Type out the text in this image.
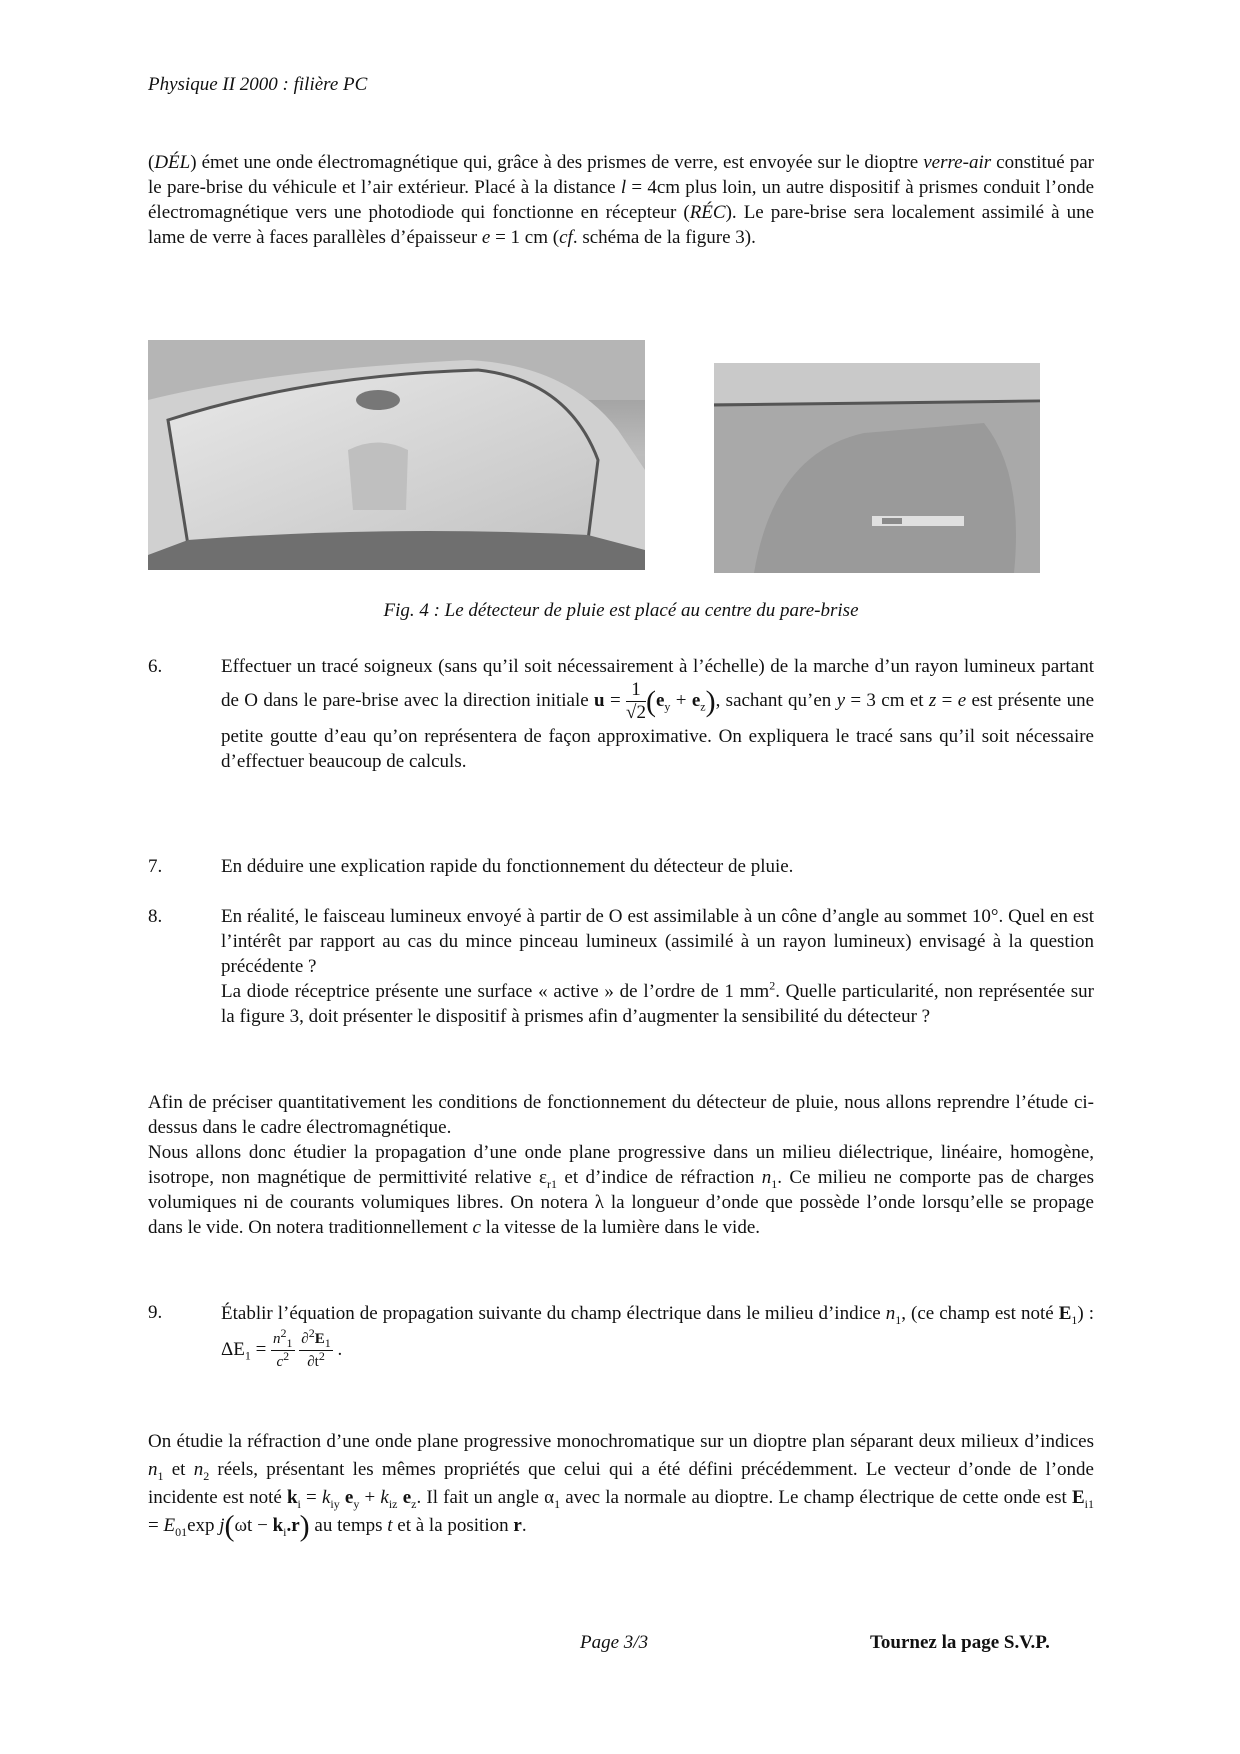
Physique II 2000 : filière PC
(DÉL) émet une onde électromagnétique qui, grâce à des prismes de verre, est envoyée sur le dioptre verre-air constitué par le pare-brise du véhicule et l’air extérieur. Placé à la distance l = 4cm plus loin, un autre dispositif à prismes conduit l’onde électromagnétique vers une photodiode qui fonctionne en récepteur (RÉC). Le pare-brise sera localement assimilé à une lame de verre à faces parallèles d’épaisseur e = 1 cm (cf. schéma de la figure 3).
Fig. 4 : Le détecteur de pluie est placé au centre du pare-brise
6.	Effectuer un tracé soigneux (sans qu’il soit nécessairement à l’échelle) de la marche d’un rayon lumineux partant de O dans le pare-brise avec la direction initiale $u = \frac{1}{√2} (e_y + e_z)$, sachant qu’en y = 3 cm et z = e est présente une petite goutte d’eau qu’on représentera de façon approximative. On expliquera le tracé sans qu’il soit nécessaire d’effectuer beaucoup de calculs.
7.	En déduire une explication rapide du fonctionnement du détecteur de pluie.
8.	En réalité, le faisceau lumineux envoyé à partir de O est assimilable à un cône d’angle au sommet 10°. Quel en est l’intérêt par rapport au cas du mince pinceau lumineux (assimilé à un rayon lumineux) envisagé à la question précédente ?
La diode réceptrice présente une surface « active » de l’ordre de 1 $mm^2$. Quelle particularité, non représentée sur la figure 3, doit présenter le dispositif à prismes afin d’augmenter la sensibilité du détecteur ?
Afin de préciser quantitativement les conditions de fonctionnement du détecteur de pluie, nous allons reprendre l’étude ci-dessus dans le cadre électromagnétique.
Nous allons donc étudier la propagation d’une onde plane progressive dans un milieu diélectrique, linéaire, homogène, isotrope, non magnétique de permittivité relative $\varepsilon_{r1}$ et d’indice de réfraction $n_1$. Ce milieu ne comporte pas de charges volumiques ni de courants volumiques libres. On notera λ la longueur d’onde que possède l’onde lorsqu’elle se propage dans le vide. On notera traditionnellement c la vitesse de la lumière dans le vide.
9.	Établir l’équation de propagation suivante du champ électrique dans le milieu d’indice $n_1$, (ce champ est noté $E_1$) : $\Delta E_1 = \frac{n^2_1}{c^2}$
$\frac{\partial^2E_1}{\partial t^2}$ .
On étudie la réfraction d’une onde plane progressive monochromatique sur un dioptre plan séparant deux milieux d’indices $n_1$ et $n_2$ réels, présentant les mêmes propriétés que celui qui a été défini précédemment. Le vecteur d’onde de l’onde incidente est noté $k_i = k_{iy}$ $e_y + k_{iz}$ $e_z$. Il fait un angle $\alpha_1$ avec la normale au dioptre. Le champ électrique de cette onde est $E_{i1} = E_{01}\exp$ $j(\omega t - k_i.r)$ au temps t et à la position r.
Page 3/3	Tournez la page S.V.P.
